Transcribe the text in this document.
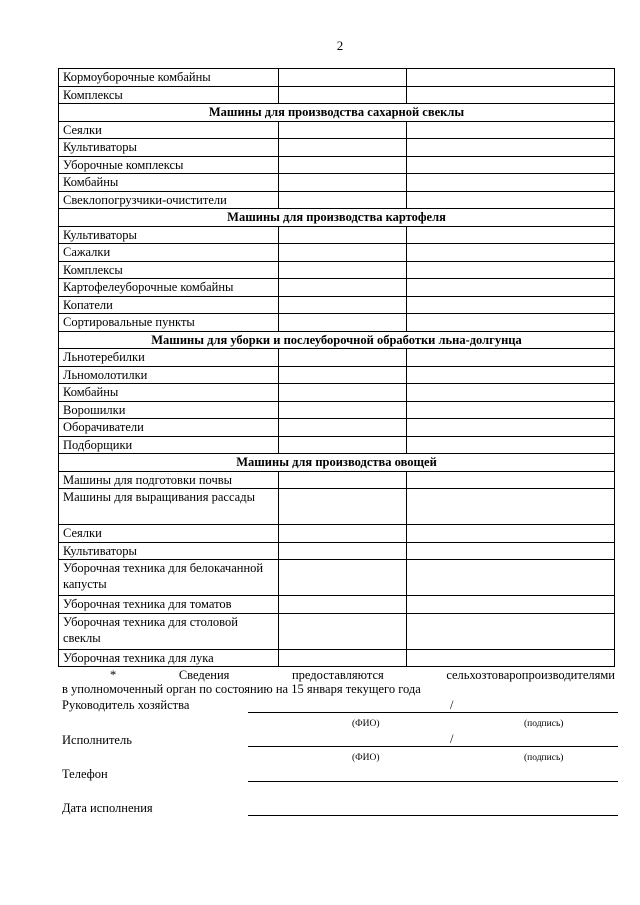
2
Кормоуборочные комбайны		
Комплексы		
Машины для производства сахарной свеклы		
Сеялки		
Культиваторы		
Уборочные комплексы		
Комбайны		
Свеклопогрузчики-очистители		
Машины для производства картофеля		
Культиваторы		
Сажалки		
Комплексы		
Картофелеуборочные комбайны		
Копатели		
Сортировальные пункты		
Машины для уборки и послеуборочной обработки льна-долгунца		
Льнотеребилки		
Льномолотилки		
Комбайны		
Ворошилки		
Оборачиватели		
Подборщики		
Машины для производства овощей		
Машины для подготовки почвы		
Машины для выращивания рассады		
Сеялки		
Культиваторы		
Уборочная техника для белокачанной капусты		
Уборочная техника для томатов		
Уборочная техника для столовой свеклы		
Уборочная техника для лука		
*	Сведения	предоставляются	сельхозтоваропроизводителями
в уполномоченный орган по состоянию на 15 января текущего года
Руководитель хозяйства	/
(ФИО)	(подпись)
Исполнитель	/
(ФИО)	(подпись)
Телефон
Дата исполнения
